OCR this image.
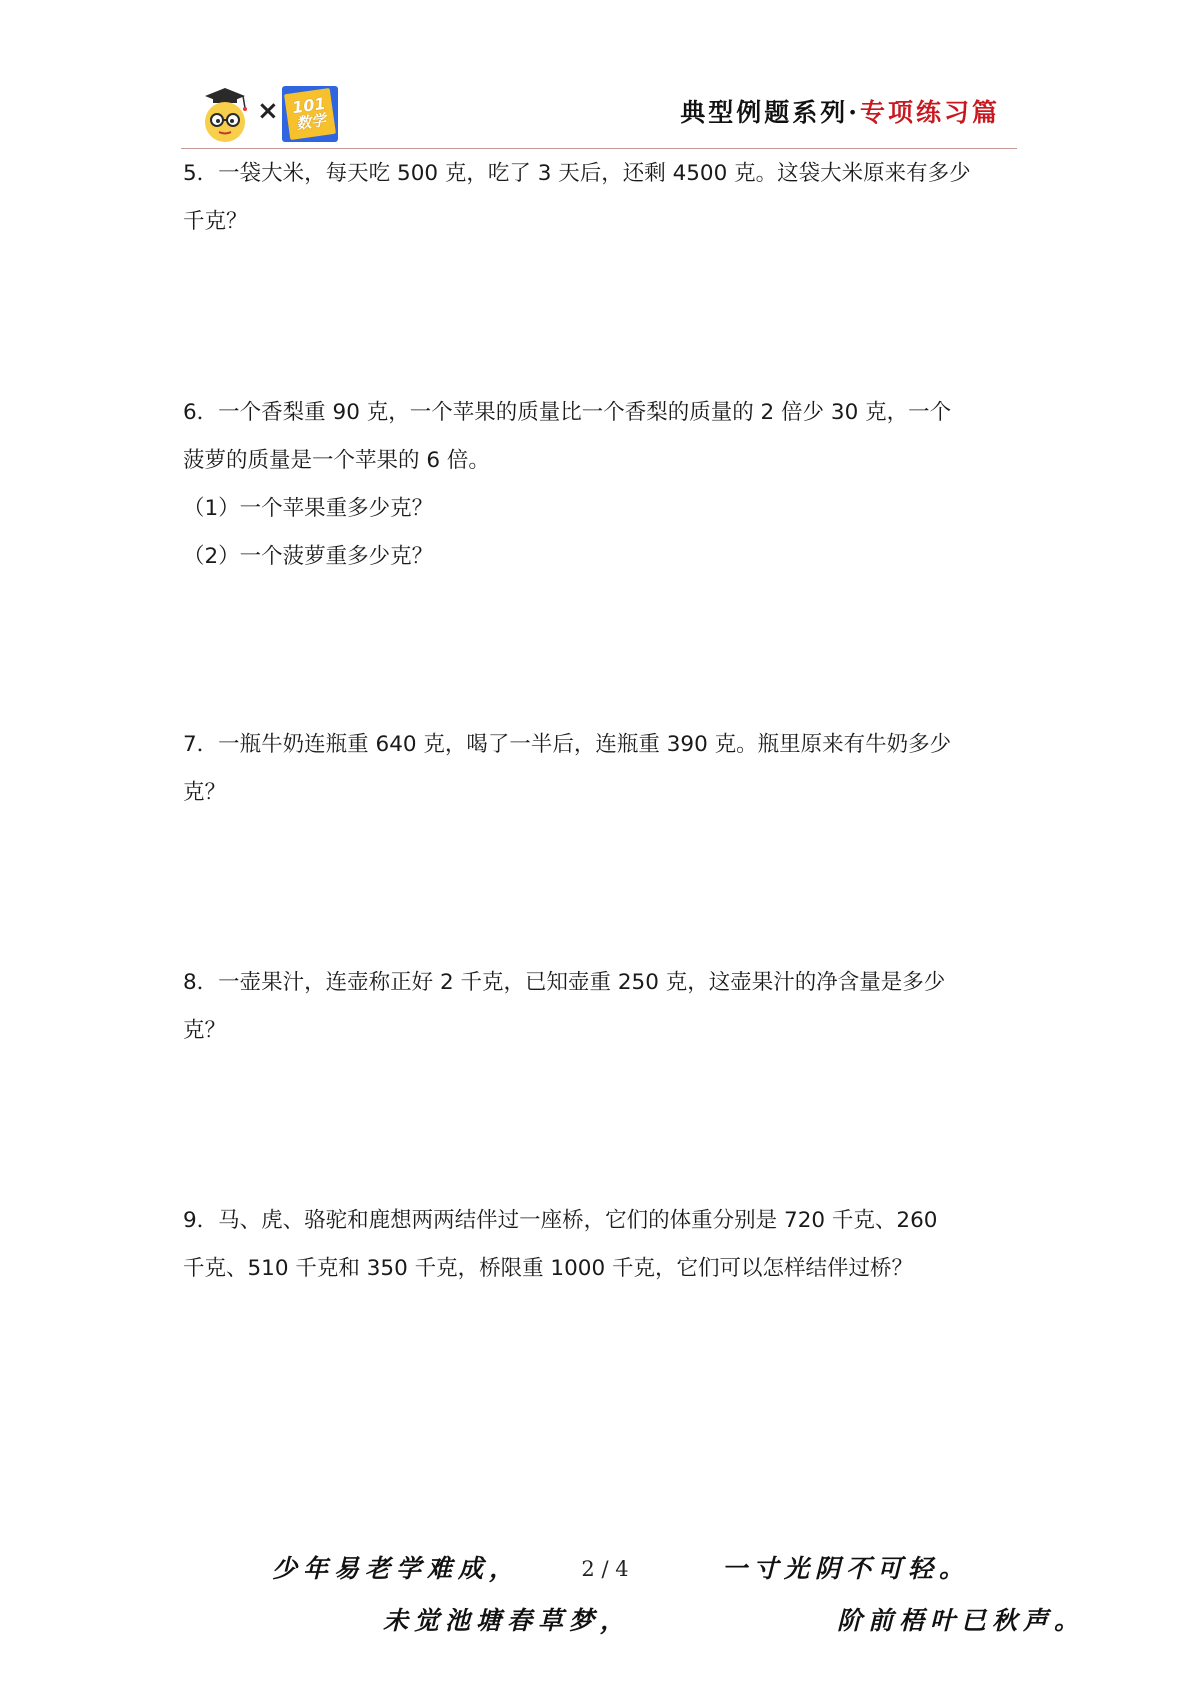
× 101
数学	典型例题系列·专项练习篇

5．一袋大米，每天吃 500 克，吃了 3 天后，还剩 4500 克。这袋大米原来有多少

千克？

6．一个香梨重 90 克，一个苹果的质量比一个香梨的质量的 2 倍少 30 克，一个

菠萝的质量是一个苹果的 6 倍。

（1）一个苹果重多少克？

（2）一个菠萝重多少克？

7．一瓶牛奶连瓶重 640 克，喝了一半后，连瓶重 390 克。瓶里原来有牛奶多少

克？

8．一壶果汁，连壶称正好 2 千克，已知壶重 250 克，这壶果汁的净含量是多少

克？

9．马、虎、骆驼和鹿想两两结伴过一座桥，它们的体重分别是 720 千克、260

千克、510 千克和 350 千克，桥限重 1000 千克，它们可以怎样结伴过桥？

少年易老学难成，	2 / 4	一寸光阴不可轻。
未觉池塘春草梦，	阶前梧叶已秋声。
